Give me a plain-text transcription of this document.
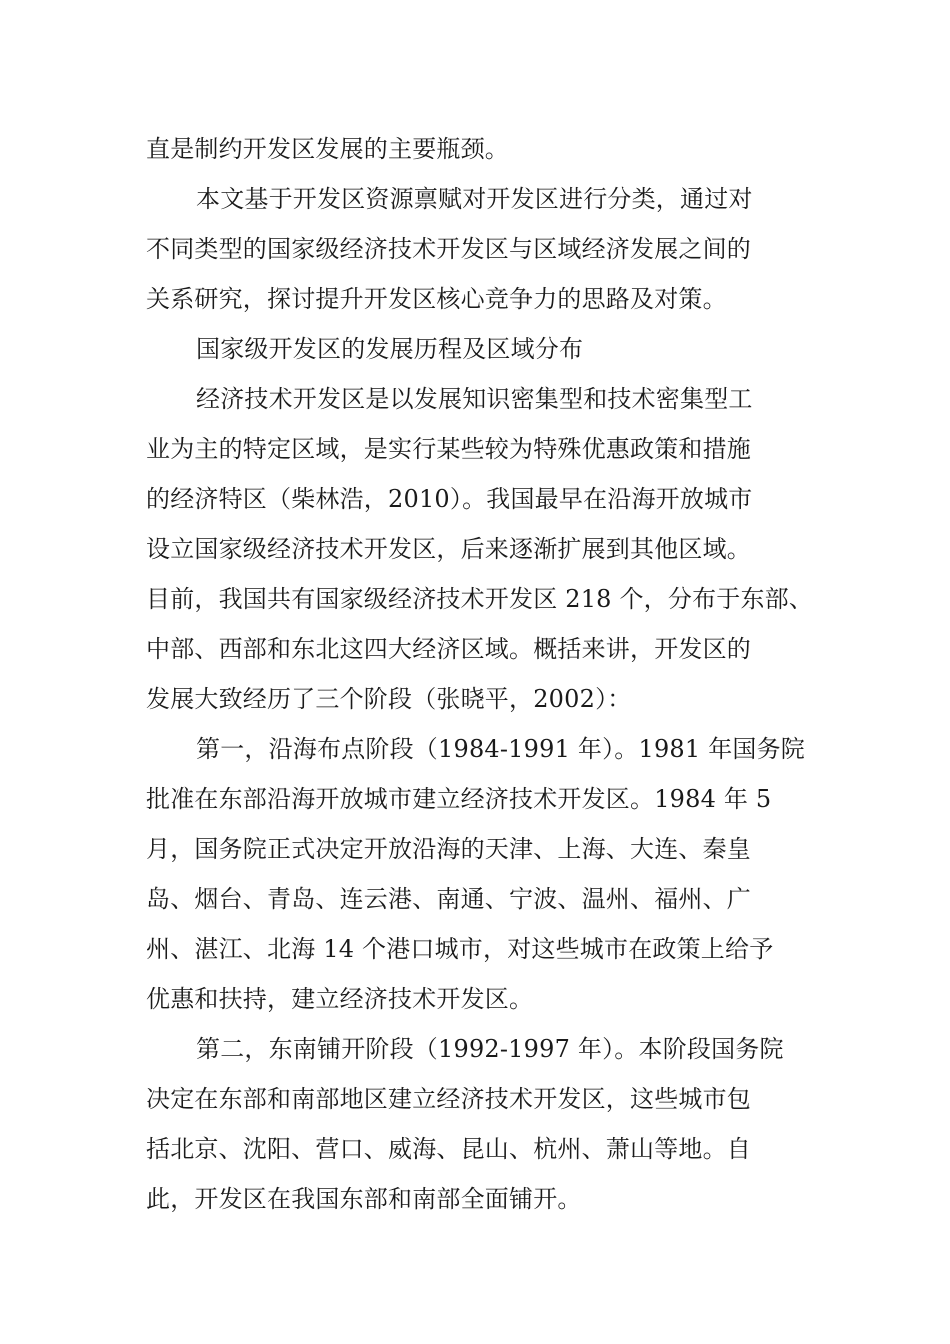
直是制约开发区发展的主要瓶颈。

本文基于开发区资源禀赋对开发区进行分类，通过对

不同类型的国家级经济技术开发区与区域经济发展之间的

关系研究，探讨提升开发区核心竞争力的思路及对策。

国家级开发区的发展历程及区域分布

经济技术开发区是以发展知识密集型和技术密集型工

业为主的特定区域，是实行某些较为特殊优惠政策和措施

的经济特区（柴林浩，2010）。我国最早在沿海开放城市

设立国家级经济技术开发区，后来逐渐扩展到其他区域。

目前，我国共有国家级经济技术开发区 218 个，分布于东部、

中部、西部和东北这四大经济区域。概括来讲，开发区的

发展大致经历了三个阶段（张晓平，2002）：

第一，沿海布点阶段（1984-1991 年）。1981 年国务院

批准在东部沿海开放城市建立经济技术开发区。1984 年 5

月，国务院正式决定开放沿海的天津、上海、大连、秦皇

岛、烟台、青岛、连云港、南通、宁波、温州、福州、广

州、湛江、北海 14 个港口城市，对这些城市在政策上给予

优惠和扶持，建立经济技术开发区。

第二，东南铺开阶段（1992-1997 年）。本阶段国务院

决定在东部和南部地区建立经济技术开发区，这些城市包

括北京、沈阳、营口、威海、昆山、杭州、萧山等地。自

此，开发区在我国东部和南部全面铺开。
